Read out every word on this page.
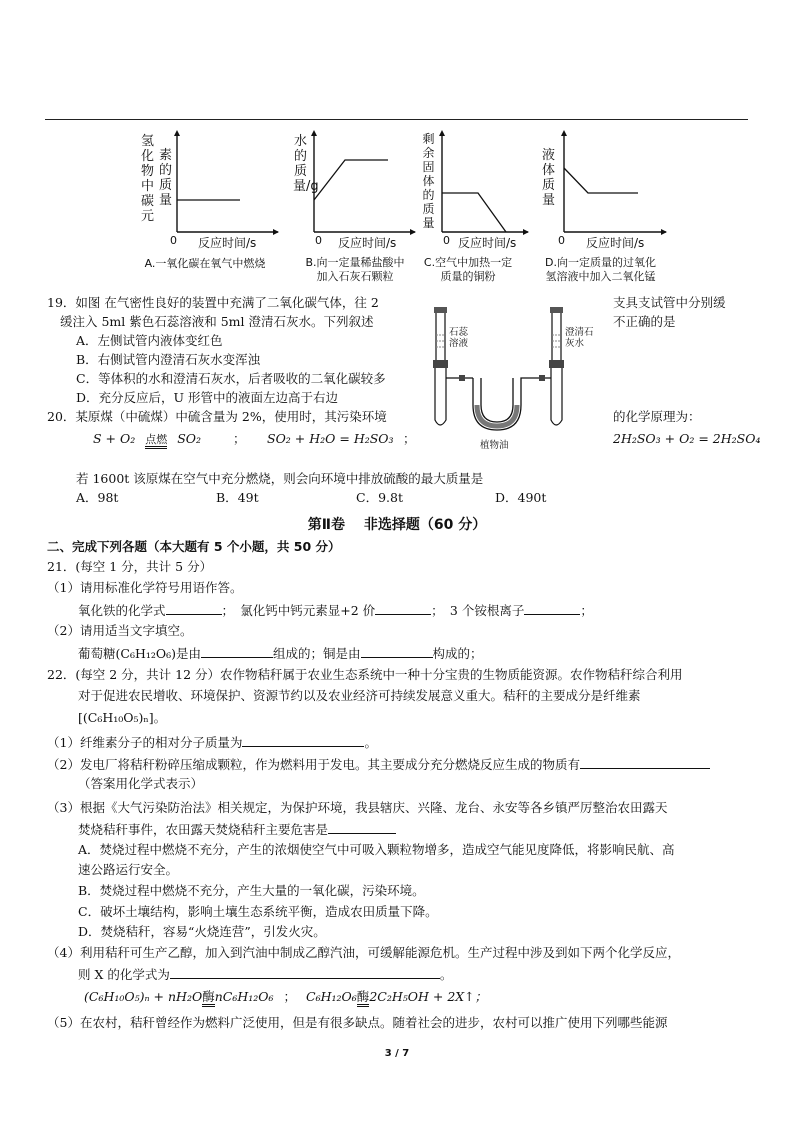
氢化物中碳元
素的质量
0 反应时间/s
A.一氧化碳在氧气中燃烧
水的质量/g
0 反应时间/s
B.向一定量稀盐酸中
加入石灰石颗粒
剩余固体的质量
0 反应时间/s
C.空气中加热一定
质量的铜粉
液体质量
0 反应时间/s
D.向一定质量的过氧化
氢溶液中加入二氧化锰
19．如图 在气密性良好的装置中充满了二氧化碳气体，往 2	支具支试管中分别缓
缓注入 5ml 紫色石蕊溶液和 5ml 澄清石灰水。下列叙述	不正确的是
A．左侧试管内液体变红色
B．右侧试管内澄清石灰水变浑浊
C．等体积的水和澄清石灰水，后者吸收的二氧化碳较多
D．充分反应后，U 形管中的液面左边高于右边
石蕊溶液
澄清石灰水
植物油
20．某原煤（中硫煤）中硫含量为 2%，使用时，其污染环境	的化学原理为：
S + O₂ 点燃 SO₂	； SO₂ + H₂O = H₂SO₃ ；	2H₂SO₃ + O₂ = 2H₂SO₄
若 1600t 该原煤在空气中充分燃烧，则会向环境中排放硫酸的最大质量是
A．98t	B．49t	C．9.8t	D．490t
第Ⅱ卷　 非选择题（60 分）
二、完成下列各题（本大题有 5 个小题，共 50 分）
21．(每空 1 分，共计 5 分）
（1）请用标准化学符号用语作答。
氧化铁的化学式	；　氯化钙中钙元素显+2 价	；　3 个铵根离子	；
（2）请用适当文字填空。
葡萄糖(C₆H₁₂O₆)是由	组成的；铜是由	构成的；
22．(每空 2 分，共计 12 分）农作物秸秆属于农业生态系统中一种十分宝贵的生物质能资源。农作物秸秆综合利用
对于促进农民增收、环境保护、资源节约以及农业经济可持续发展意义重大。秸秆的主要成分是纤维素
[(C₆H₁₀O₅)ₙ]。
（1）纤维素分子的相对分子质量为	。
（2）发电厂将秸秆粉碎压缩成颗粒，作为燃料用于发电。其主要成分充分燃烧反应生成的物质有
（答案用化学式表示）
（3）根据《大气污染防治法》相关规定，为保护环境，我县辖庆、兴隆、龙台、永安等各乡镇严厉整治农田露天
焚烧秸秆事件，农田露天焚烧秸秆主要危害是
A．焚烧过程中燃烧不充分，产生的浓烟使空气中可吸入颗粒物增多，造成空气能见度降低，将影响民航、高
速公路运行安全。
B．焚烧过程中燃烧不充分，产生大量的一氧化碳，污染环境。
C．破坏土壤结构，影响土壤生态系统平衡，造成农田质量下降。
D．焚烧秸秆，容易“火烧连营”，引发火灾。
（4）利用秸秆可生产乙醇，加入到汽油中制成乙醇汽油，可缓解能源危机。生产过程中涉及到如下两个化学反应，
则 X 的化学式为	。
(C₆H₁₀O₅)ₙ + nH₂O酶nC₆H₁₂O₆ ； C₆H₁₂O₆酶2C₂H₅OH + 2X↑；
（5）在农村，秸秆曾经作为燃料广泛使用，但是有很多缺点。随着社会的进步，农村可以推广使用下列哪些能源
3 / 7
